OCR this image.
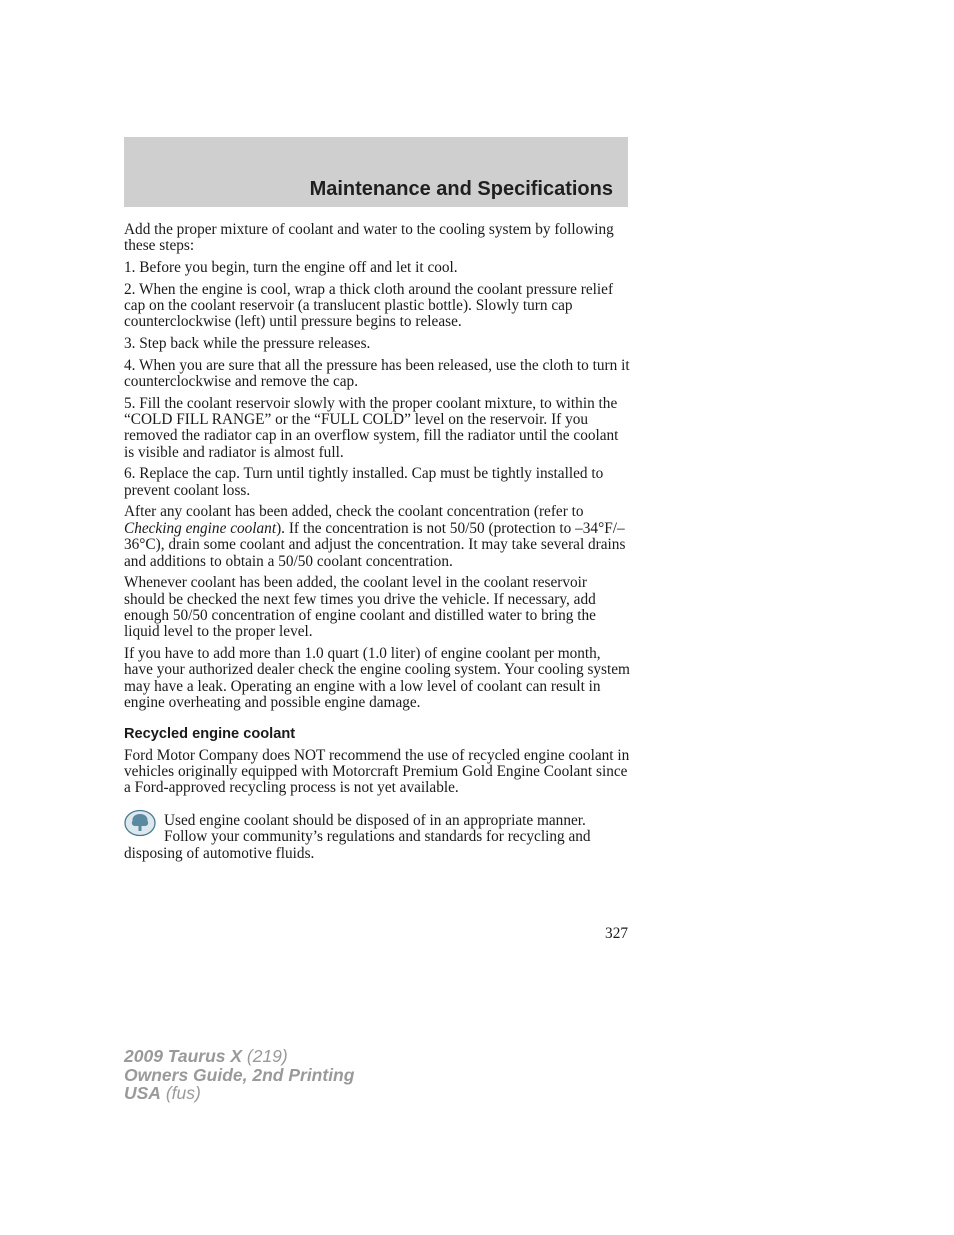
Maintenance and Specifications

Add the proper mixture of coolant and water to the cooling system by following these steps:

1. Before you begin, turn the engine off and let it cool.

2. When the engine is cool, wrap a thick cloth around the coolant pressure relief cap on the coolant reservoir (a translucent plastic bottle). Slowly turn cap counterclockwise (left) until pressure begins to release.

3. Step back while the pressure releases.

4. When you are sure that all the pressure has been released, use the cloth to turn it counterclockwise and remove the cap.

5. Fill the coolant reservoir slowly with the proper coolant mixture, to within the “COLD FILL RANGE” or the “FULL COLD” level on the reservoir. If you removed the radiator cap in an overflow system, fill the radiator until the coolant is visible and radiator is almost full.

6. Replace the cap. Turn until tightly installed. Cap must be tightly installed to prevent coolant loss.

After any coolant has been added, check the coolant concentration (refer to Checking engine coolant). If the concentration is not 50/50 (protection to –34°F/–36°C), drain some coolant and adjust the concentration. It may take several drains and additions to obtain a 50/50 coolant concentration.

Whenever coolant has been added, the coolant level in the coolant reservoir should be checked the next few times you drive the vehicle. If necessary, add enough 50/50 concentration of engine coolant and distilled water to bring the liquid level to the proper level.

If you have to add more than 1.0 quart (1.0 liter) of engine coolant per month, have your authorized dealer check the engine cooling system. Your cooling system may have a leak. Operating an engine with a low level of coolant can result in engine overheating and possible engine damage.

Recycled engine coolant

Ford Motor Company does NOT recommend the use of recycled engine coolant in vehicles originally equipped with Motorcraft Premium Gold Engine Coolant since a Ford-approved recycling process is not yet available.

Used engine coolant should be disposed of in an appropriate manner. Follow your community’s regulations and standards for recycling and disposing of automotive fluids.
327
2009 Taurus X (219)
Owners Guide, 2nd Printing
USA (fus)
